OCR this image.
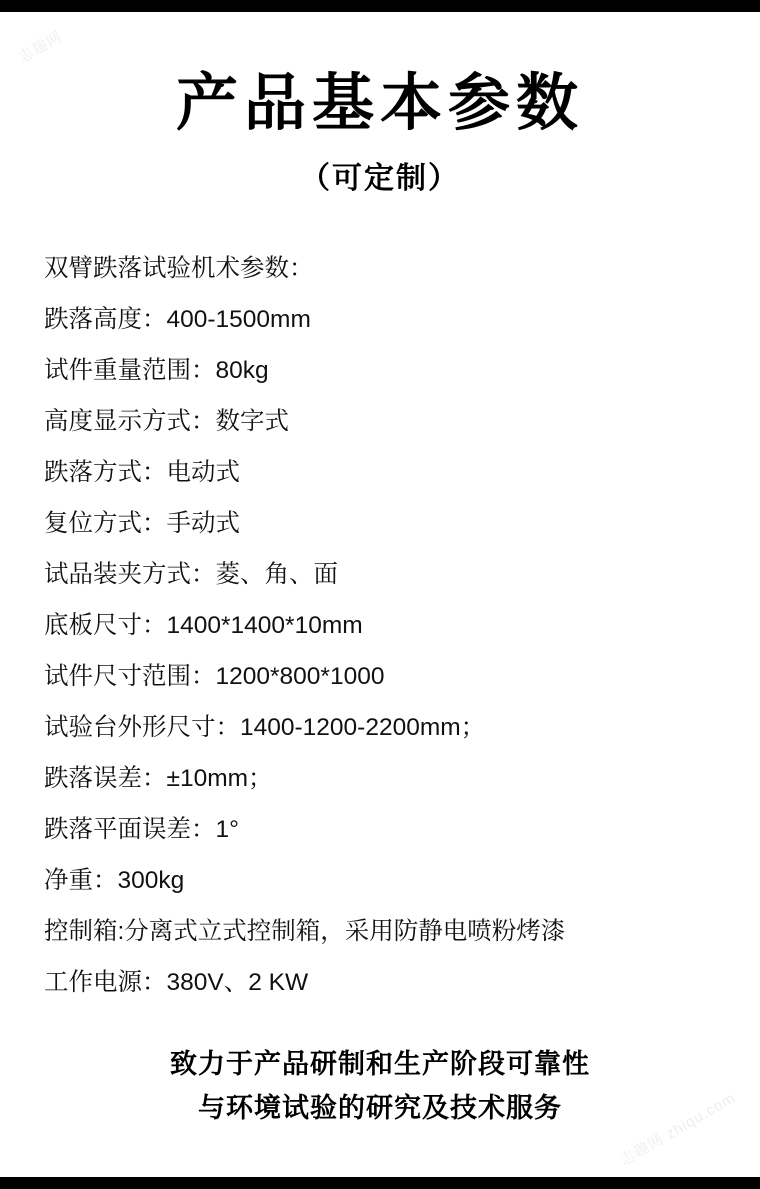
志趣网
产品基本参数
（可定制）
双臂跌落试验机术参数：
跌落高度：400-1500mm
试件重量范围：80kg
高度显示方式：数字式
跌落方式：电动式
复位方式：手动式
试品装夹方式：菱、角、面
底板尺寸：1400*1400*10mm
试件尺寸范围：1200*800*1000
试验台外形尺寸：1400-1200-2200mm；
跌落误差：±10mm；
跌落平面误差：1°
净重：300kg
控制箱:分离式立式控制箱，采用防静电喷粉烤漆
工作电源：380V、2 KW
致力于产品研制和生产阶段可靠性
与环境试验的研究及技术服务	志趣网 zhiqu.com
